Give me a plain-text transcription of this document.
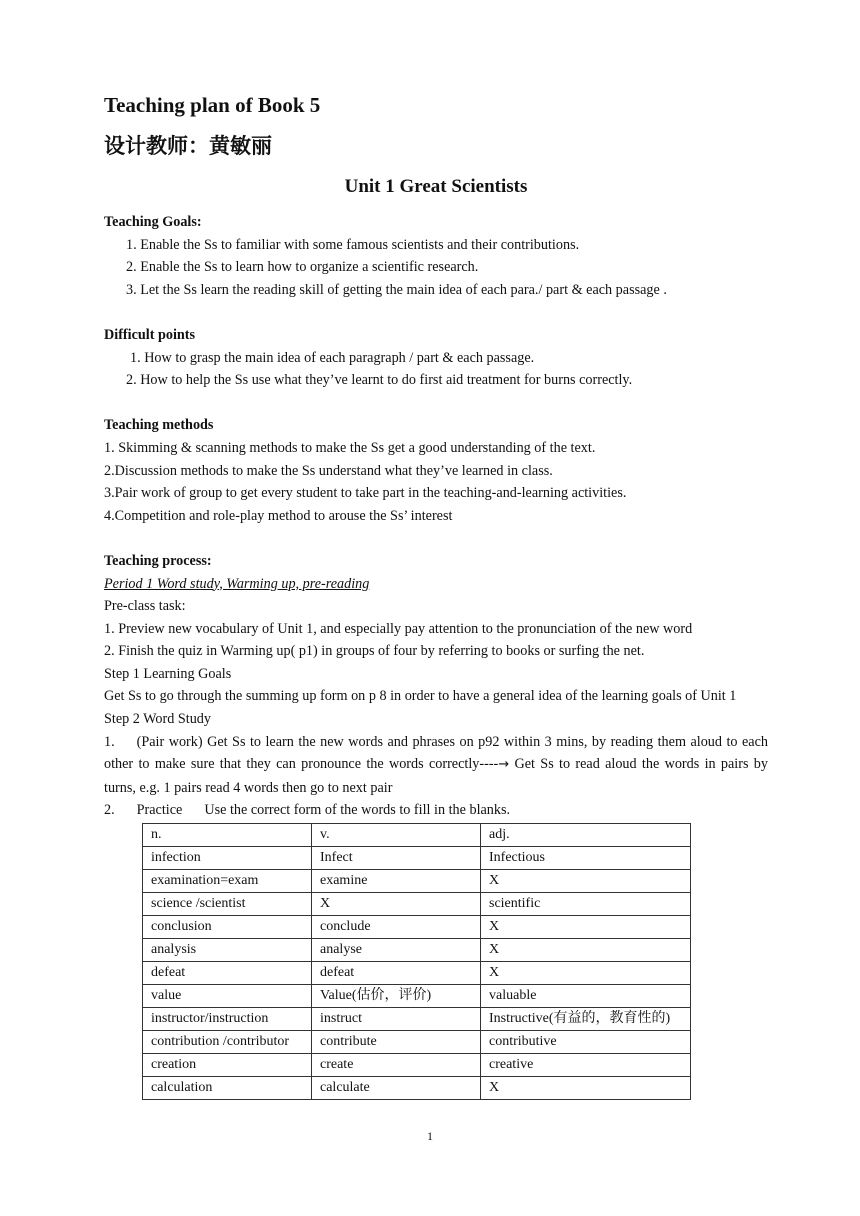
Teaching plan of Book 5

设计教师：黄敏丽

Unit 1 Great Scientists

Teaching Goals:

1. Enable the Ss to familiar with some famous scientists and their contributions.

2. Enable the Ss to learn how to organize a scientific research.

3. Let the Ss learn the reading skill of getting the main idea of each para./ part & each passage .

Difficult points

1. How to grasp the main idea of each paragraph / part & each passage.

2. How to help the Ss use what they’ve learnt to do first aid treatment for burns correctly.

Teaching methods

1. Skimming & scanning methods to make the Ss get a good understanding of the text.

2.Discussion methods to make the Ss understand what they’ve learned in class.

3.Pair work of group to get every student to take part in the teaching-and-learning activities.

4.Competition and role-play method to arouse the Ss’ interest

Teaching process:

Period 1 Word study, Warming up, pre-reading

Pre-class task:

1. Preview new vocabulary of Unit 1, and especially pay attention to the pronunciation of the new word

2. Finish the quiz in Warming up( p1) in groups of four by referring to books or surfing the net.

Step 1 Learning Goals

Get Ss to go through the summing up form on p 8 in order to have a general idea of the learning goals of Unit 1

Step 2 Word Study

1. (Pair work) Get Ss to learn the new words and phrases on p92 within 3 mins, by reading them aloud to each other to make sure that they can pronounce the words correctly----→ Get Ss to read aloud the words in pairs by turns, e.g. 1 pairs read 4 words then go to next pair

2. Practice Use the correct form of the words to fill in the blanks.

n.	v.	adj.
infection	Infect	Infectious
examination=exam	examine	X
science /scientist	X	scientific
conclusion	conclude	X
analysis	analyse	X
defeat	defeat	X
value	Value(估价，评价)	valuable
instructor/instruction	instruct	Instructive(有益的，教育性的)
contribution /contributor	contribute	contributive
creation	create	creative
calculation	calculate	X
1
